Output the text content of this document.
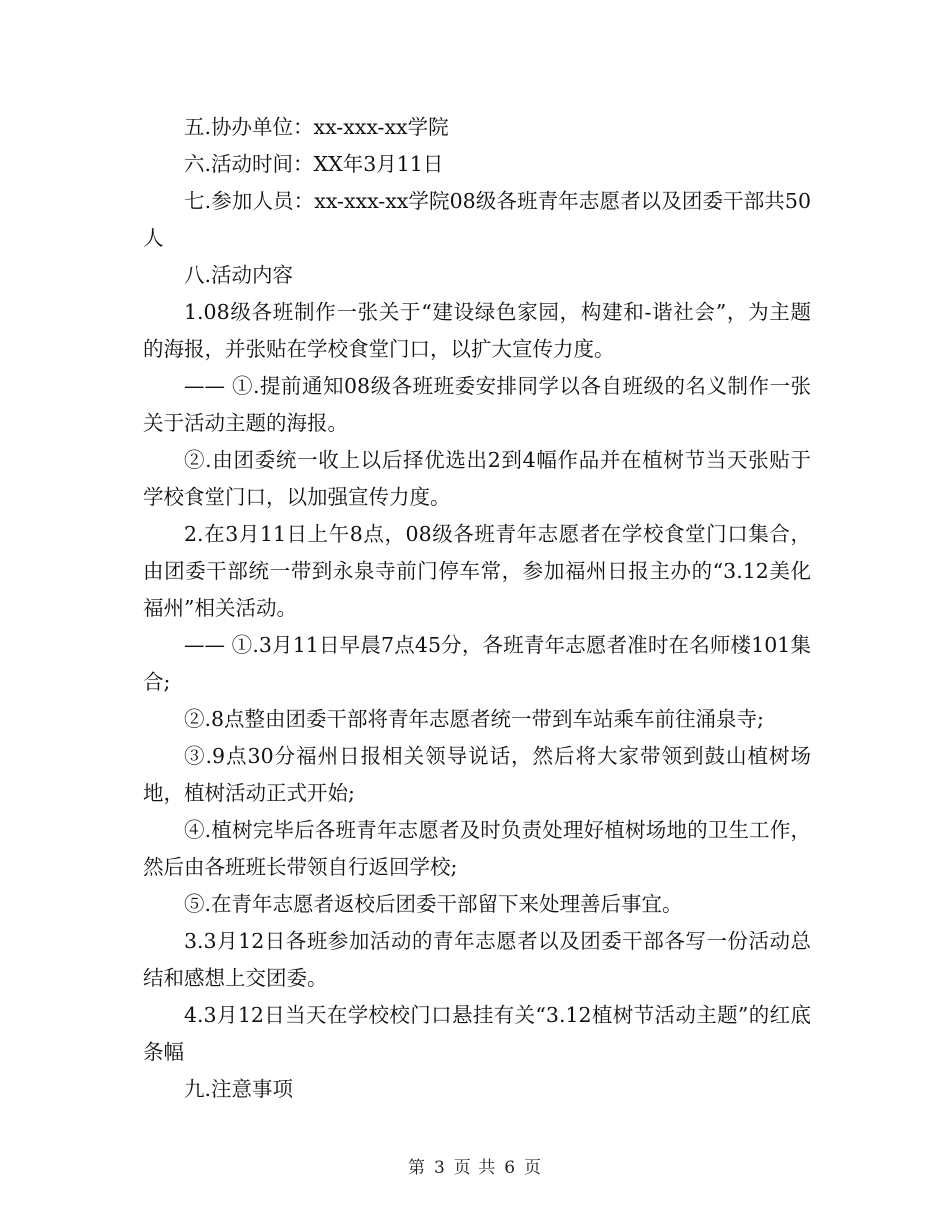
五.协办单位：xx-xxx-xx学院

六.活动时间：XX年3月11日

七.参加人员：xx-xxx-xx学院08级各班青年志愿者以及团委干部共50人

八.活动内容

1.08级各班制作一张关于“建设绿色家园，构建和-谐社会”，为主题的海报，并张贴在学校食堂门口，以扩大宣传力度。

—— ①.提前通知08级各班班委安排同学以各自班级的名义制作一张关于活动主题的海报。

②.由团委统一收上以后择优选出2到4幅作品并在植树节当天张贴于学校食堂门口，以加强宣传力度。

2.在3月11日上午8点，08级各班青年志愿者在学校食堂门口集合，由团委干部统一带到永泉寺前门停车常，参加福州日报主办的“3.12美化福州”相关活动。

—— ①.3月11日早晨7点45分，各班青年志愿者准时在名师楼101集合;

②.8点整由团委干部将青年志愿者统一带到车站乘车前往涌泉寺;

③.9点30分福州日报相关领导说话，然后将大家带领到鼓山植树场地，植树活动正式开始;

④.植树完毕后各班青年志愿者及时负责处理好植树场地的卫生工作，然后由各班班长带领自行返回学校;

⑤.在青年志愿者返校后团委干部留下来处理善后事宜。

3.3月12日各班参加活动的青年志愿者以及团委干部各写一份活动总结和感想上交团委。

4.3月12日当天在学校校门口悬挂有关“3.12植树节活动主题”的红底条幅

九.注意事项

第 3 页 共 6 页
